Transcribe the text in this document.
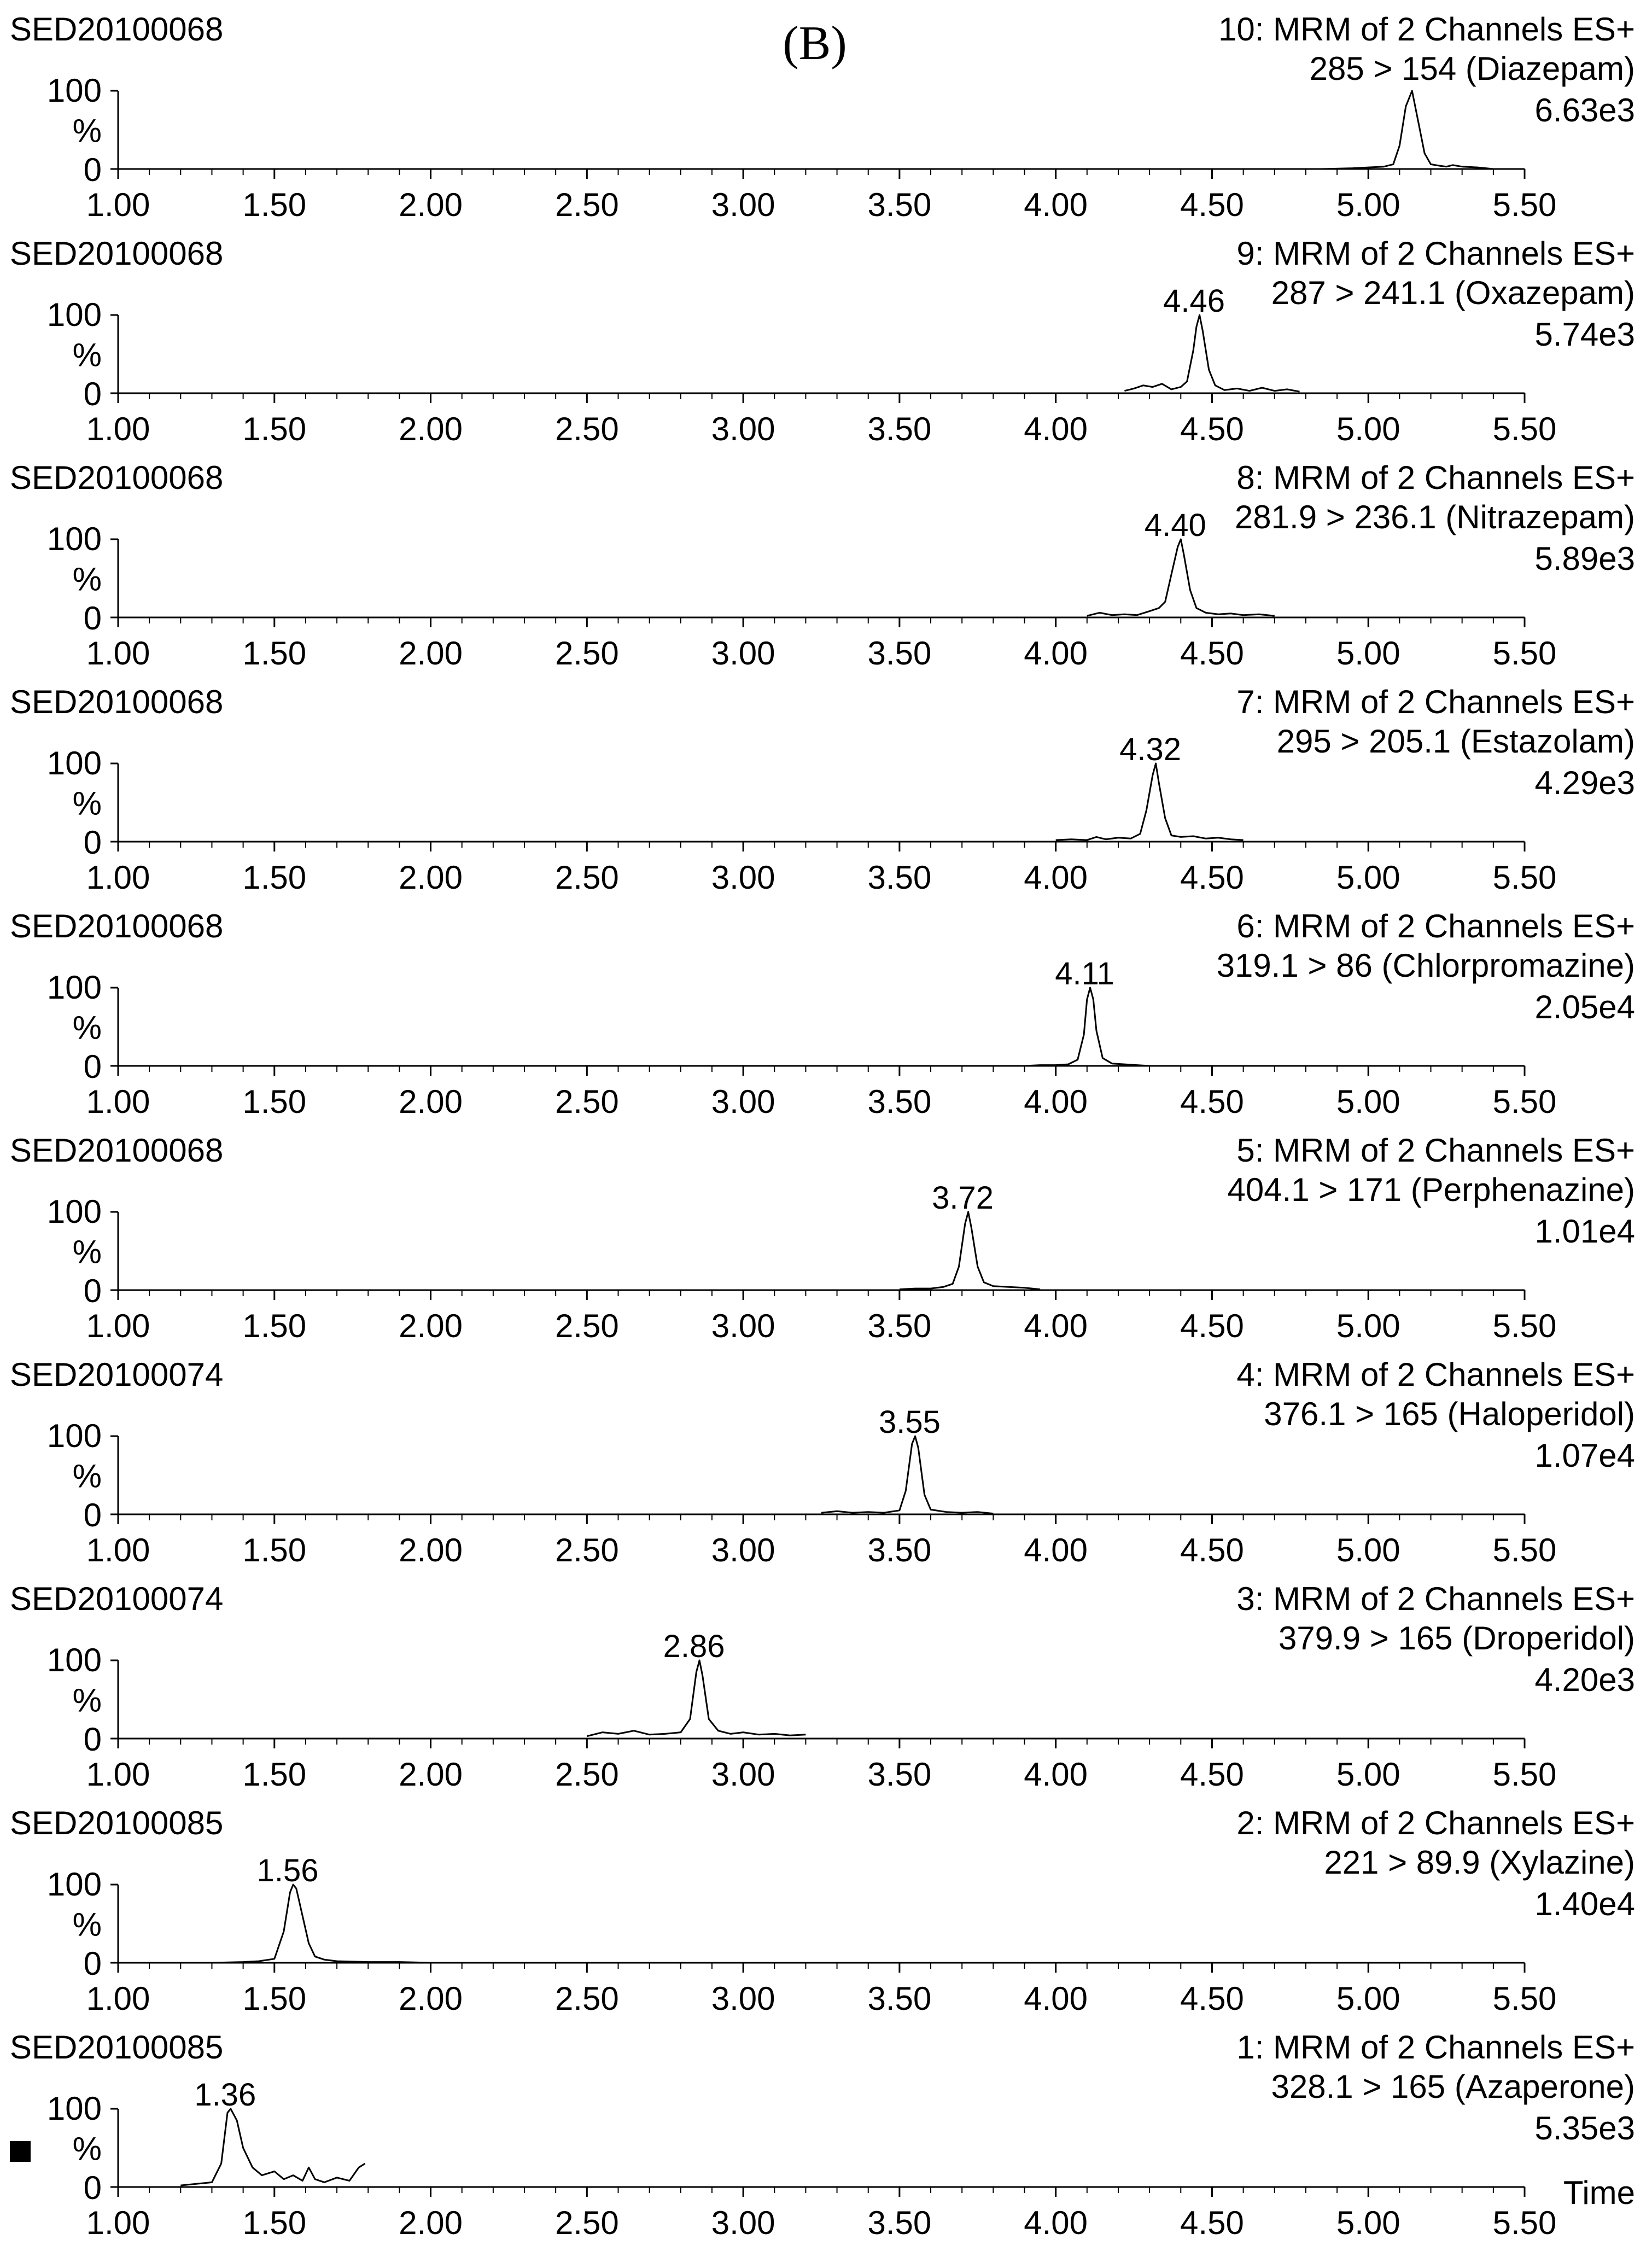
(B)
SED20100068	10: MRM of 2 Channels ES+
285 > 154 (Diazepam)
6.63e3
100
%
0
1.00	1.50	2.00	2.50	3.00	3.50	4.00	4.50	5.00	5.50
SED20100068	9: MRM of 2 Channels ES+
287 > 241.1 (Oxazepam)
5.74e3
100
%
0
1.00	1.50	2.00	2.50	3.00	3.50	4.00	4.50	5.00	5.50
4.46
SED20100068	8: MRM of 2 Channels ES+
281.9 > 236.1 (Nitrazepam)
5.89e3
100
%
0
1.00	1.50	2.00	2.50	3.00	3.50	4.00	4.50	5.00	5.50
4.40
SED20100068	7: MRM of 2 Channels ES+
295 > 205.1 (Estazolam)
4.29e3
100
%
0
1.00	1.50	2.00	2.50	3.00	3.50	4.00	4.50	5.00	5.50
4.32
SED20100068	6: MRM of 2 Channels ES+
319.1 > 86 (Chlorpromazine)
2.05e4
100
%
0
1.00	1.50	2.00	2.50	3.00	3.50	4.00	4.50	5.00	5.50
4.11
SED20100068	5: MRM of 2 Channels ES+
404.1 > 171 (Perphenazine)
1.01e4
100
%
0
1.00	1.50	2.00	2.50	3.00	3.50	4.00	4.50	5.00	5.50
3.72
SED20100074	4: MRM of 2 Channels ES+
376.1 > 165 (Haloperidol)
1.07e4
100
%
0
1.00	1.50	2.00	2.50	3.00	3.50	4.00	4.50	5.00	5.50
3.55
SED20100074	3: MRM of 2 Channels ES+
379.9 > 165 (Droperidol)
4.20e3
100
%
0
1.00	1.50	2.00	2.50	3.00	3.50	4.00	4.50	5.00	5.50
2.86
SED20100085	2: MRM of 2 Channels ES+
221 > 89.9 (Xylazine)
1.40e4
100
%
0
1.00	1.50	2.00	2.50	3.00	3.50	4.00	4.50	5.00	5.50
1.56
SED20100085	1: MRM of 2 Channels ES+
328.1 > 165 (Azaperone)
5.35e3
100
%
0
1.00	1.50	2.00	2.50	3.00	3.50	4.00	4.50	5.00	5.50
1.36
Time
